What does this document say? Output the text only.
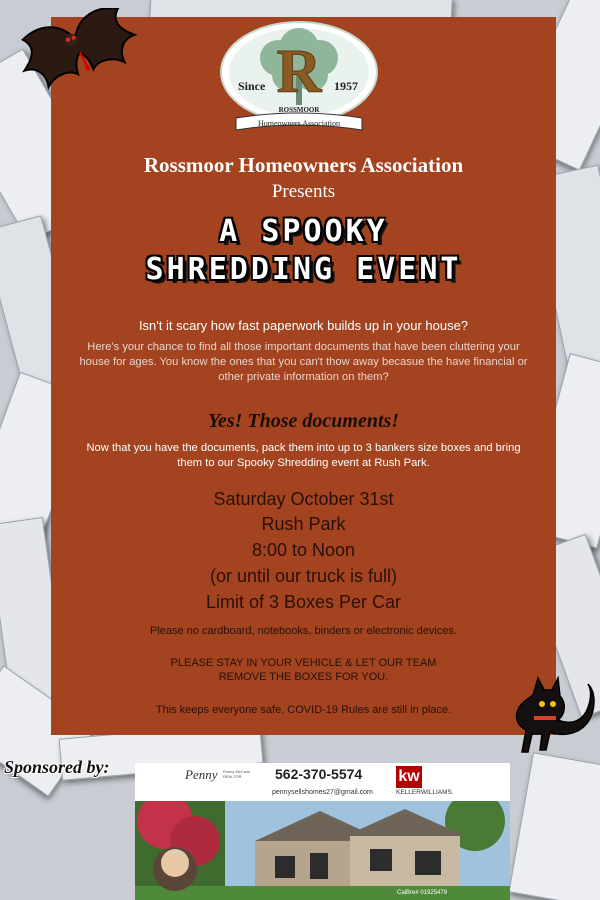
R
Since	1957
ROSSMOOR
Homeowners Association
Rossmoor Homeowners Association
Presents
A SPOOKY
SHREDDING EVENT
Isn't it scary how fast paperwork builds up in your house?
Here's your chance to find all those important documents that have been cluttering your house for ages. You know the ones that you can't thow away becasue the have financial or other private information on them?
Yes! Those documents!
Now that you have the documents, pack them into up to 3 bankers size boxes and bring them to our Spooky Shredding event at Rush Park.
Saturday October 31st
Rush Park
8:00 to Noon
(or until our truck is full)
Limit of 3 Boxes Per Car
Please no cardboard, notebooks, binders or electronic devices.
PLEASE STAY IN YOUR VEHICLE & LET OUR TEAM
REMOVE THE BOXES FOR YOU.
This keeps everyone safe. COVID-19 Rules are still in place.
Sponsored by:	Penny Penny McCann REALTOR	562-370-5574
pennysellshomes27@gmail.com
kw
KELLERWILLIAMS.
CalBre# 01925479
